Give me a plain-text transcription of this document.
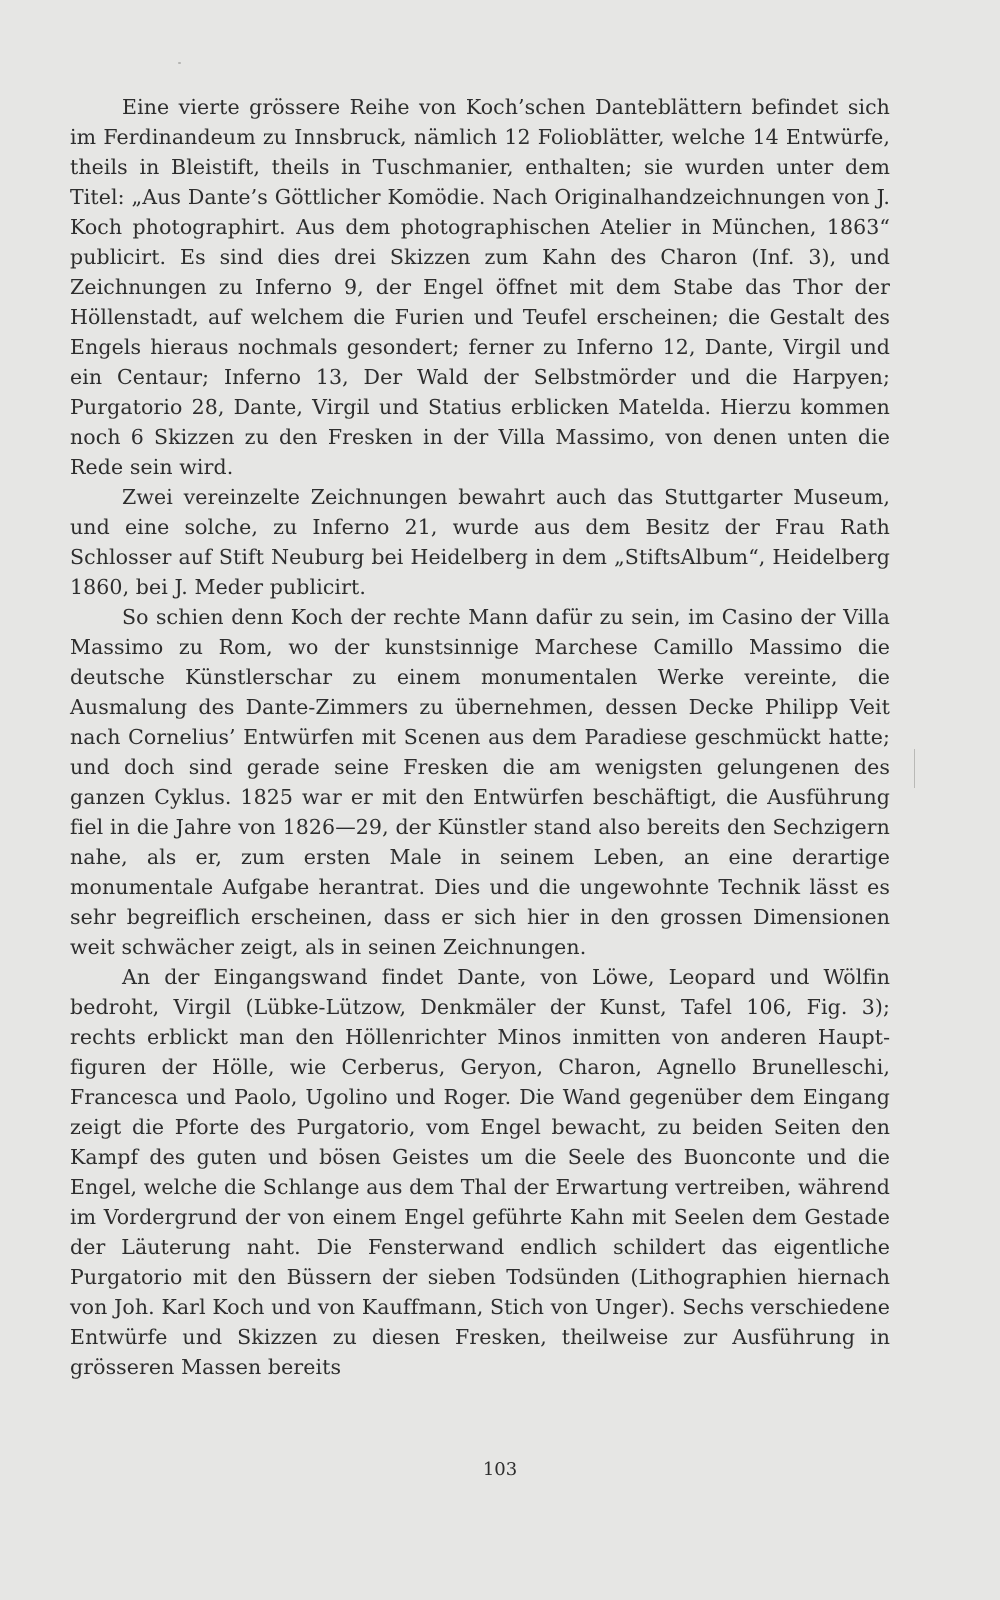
Eine vierte grössere Reihe von Koch’schen Danteblättern befindet sich im Ferdinandeum zu Innsbruck, nämlich 12 Folioblätter, welche 14 Entwürfe, theils in Bleistift, theils in Tuschmanier, enthalten; sie wurden unter dem Titel: „Aus Dante’s Göttlicher Komödie. Nach Originalhandzeichnungen von J. Koch photographirt. Aus dem photographischen Atelier in München, 1863“ publicirt. Es sind dies drei Skizzen zum Kahn des Charon (Inf. 3), und Zeichnungen zu Inferno 9, der Engel öffnet mit dem Stabe das Thor der Höllenstadt, auf welchem die Furien und Teufel erscheinen; die Gestalt des Engels hieraus nochmals gesondert; ferner zu Inferno 12, Dante, Virgil und ein Centaur; Inferno 13, Der Wald der Selbstmörder und die Harpyen; Purgatorio 28, Dante, Virgil und Statius erblicken Matelda. Hierzu kommen noch 6 Skizzen zu den Fresken in der Villa Massimo, von denen unten die Rede sein wird.

Zwei vereinzelte Zeichnungen bewahrt auch das Stuttgarter Museum, und eine solche, zu Inferno 21, wurde aus dem Besitz der Frau Rath Schlosser auf Stift Neuburg bei Heidelberg in dem „StiftsAlbum“, Heidelberg 1860, bei J. Meder publicirt.

So schien denn Koch der rechte Mann dafür zu sein, im Casino der Villa Massimo zu Rom, wo der kunstsinnige Marchese Camillo Massimo die deutsche Künstlerschar zu einem monumentalen Werke vereinte, die Ausmalung des Dante-Zimmers zu übernehmen, dessen Decke Philipp Veit nach Cornelius’ Entwürfen mit Scenen aus dem Paradiese geschmückt hatte; und doch sind gerade seine Fresken die am wenigsten gelungenen des ganzen Cyklus. 1825 war er mit den Entwürfen beschäftigt, die Ausführung fiel in die Jahre von 1826—29, der Künstler stand also bereits den Sechzigern nahe, als er, zum ersten Male in seinem Leben, an eine derartige monumentale Aufgabe herantrat. Dies und die ungewohnte Technik lässt es sehr begreiflich erscheinen, dass er sich hier in den grossen Dimensionen weit schwächer zeigt, als in seinen Zeichnungen.

An der Eingangswand findet Dante, von Löwe, Leopard und Wölfin bedroht, Virgil (Lübke-Lützow, Denkmäler der Kunst, Tafel 106, Fig. 3); rechts erblickt man den Höllenrichter Minos inmitten von anderen Hauptfiguren der Hölle, wie Cerberus, Geryon, Charon, Agnello Brunelleschi, Francesca und Paolo, Ugolino und Roger. Die Wand gegenüber dem Eingang zeigt die Pforte des Purgatorio, vom Engel bewacht, zu beiden Seiten den Kampf des guten und bösen Geistes um die Seele des Buonconte und die Engel, welche die Schlange aus dem Thal der Erwartung vertreiben, während im Vordergrund der von einem Engel geführte Kahn mit Seelen dem Gestade der Läuterung naht. Die Fensterwand endlich schildert das eigentliche Purgatorio mit den Büssern der sieben Todsünden (Lithographien hiernach von Joh. Karl Koch und von Kauffmann, Stich von Unger). Sechs verschiedene Entwürfe und Skizzen zu diesen Fresken, theilweise zur Ausführung in grösseren Massen bereits

103
